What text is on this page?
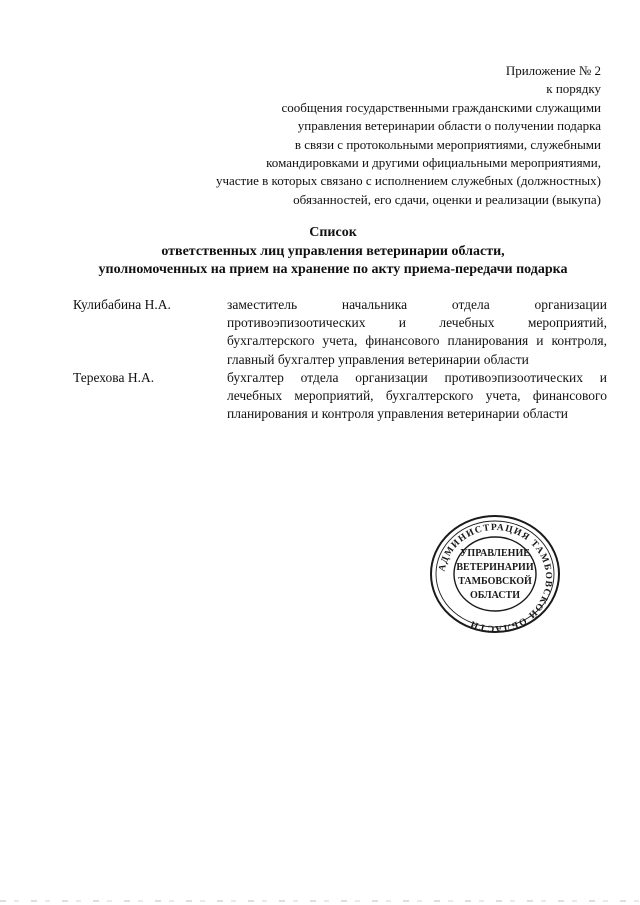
Приложение № 2
к порядку
сообщения государственными гражданскими служащими
управления ветеринарии области о получении подарка
в связи с протокольными мероприятиями, служебными
командировками и другими официальными мероприятиями,
участие в которых связано с исполнением служебных (должностных)
обязанностей, его сдачи, оценки и реализации (выкупа)
Список
ответственных лиц управления ветеринарии области,
уполномоченных на прием на хранение по акту приема-передачи подарка
Кулибабина Н.А.	заместитель начальника отдела организации противоэпизоотических и лечебных мероприятий, бухгалтерского учета, финансового планирования и контроля, главный бухгалтер управления ветеринарии области
Терехова Н.А.	бухгалтер отдела организации противоэпизоотических и лечебных мероприятий, бухгалтерского учета, финансового планирования и контроля управления ветеринарии области
АДМИНИСТРАЦИЯ ТАМБОВСКОЙ ОБЛАСТИ
УПРАВЛЕНИЕ
ВЕТЕРИНАРИИ
ТАМБОВСКОЙ
ОБЛАСТИ
